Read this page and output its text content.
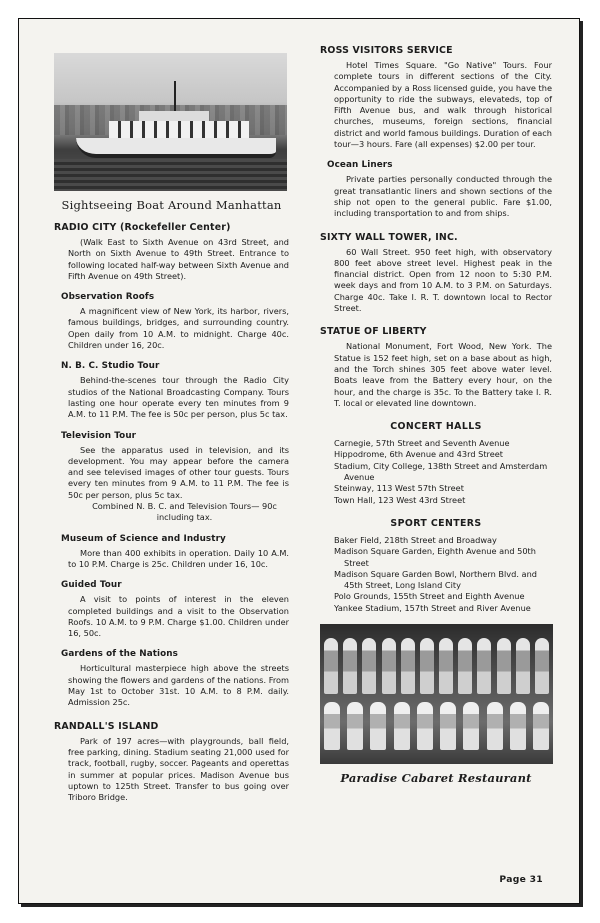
Sightseeing Boat Around Manhattan
RADIO CITY (Rockefeller Center)

(Walk East to Sixth Avenue on 43rd Street, and North on Sixth Avenue to 49th Street. Entrance to following located half-way between Sixth Avenue and Fifth Avenue on 49th Street).

Observation Roofs

A magnificent view of New York, its harbor, rivers, famous buildings, bridges, and surrounding country. Open daily from 10 A.M. to midnight. Charge 40c. Children under 16, 20c.

N. B. C. Studio Tour

Behind-the-scenes tour through the Radio City studios of the National Broadcasting Company. Tours lasting one hour operate every ten minutes from 9 A.M. to 11 P.M. The fee is 50c per person, plus 5c tax.

Television Tour

See the apparatus used in television, and its development. You may appear before the camera and see televised images of other tour guests. Tours every ten minutes from 9 A.M. to 11 P.M. The fee is 50c per person, plus 5c tax.

Combined N. B. C. and Television Tours— 90c including tax.

Museum of Science and Industry

More than 400 exhibits in operation. Daily 10 A.M. to 10 P.M. Charge is 25c. Children under 16, 10c.

Guided Tour

A visit to points of interest in the eleven completed buildings and a visit to the Observation Roofs. 10 A.M. to 9 P.M. Charge $1.00. Children under 16, 50c.

Gardens of the Nations

Horticultural masterpiece high above the streets showing the flowers and gardens of the nations. From May 1st to October 31st. 10 A.M. to 8 P.M. daily. Admission 25c.

RANDALL'S ISLAND

Park of 197 acres—with playgrounds, ball field, free parking, dining. Stadium seating 21,000 used for track, football, rugby, soccer. Pageants and operettas in summer at popular prices. Madison Avenue bus uptown to 125th Street. Transfer to bus going over Triboro Bridge.

ROSS VISITORS SERVICE

Hotel Times Square. "Go Native" Tours. Four complete tours in different sections of the City. Accompanied by a Ross licensed guide, you have the opportunity to ride the subways, elevateds, top of Fifth Avenue bus, and walk through historical churches, museums, foreign sections, financial district and world famous buildings. Duration of each tour—3 hours. Fare (all expenses) $2.00 per tour.

Ocean Liners

Private parties personally conducted through the great transatlantic liners and shown sections of the ship not open to the general public. Fare $1.00, including transportation to and from ships.

SIXTY WALL TOWER, INC.

60 Wall Street. 950 feet high, with observatory 800 feet above street level. Highest peak in the financial district. Open from 12 noon to 5:30 P.M. week days and from 10 A.M. to 3 P.M. on Saturdays. Charge 40c. Take I. R. T. downtown local to Rector Street.

STATUE OF LIBERTY

National Monument, Fort Wood, New York. The Statue is 152 feet high, set on a base about as high, and the Torch shines 305 feet above water level. Boats leave from the Battery every hour, on the hour, and the charge is 35c. To the Battery take I. R. T. local or elevated line downtown.

CONCERT HALLS
Carnegie, 57th Street and Seventh Avenue
Hippodrome, 6th Avenue and 43rd Street
Stadium, City College, 138th Street and Amsterdam Avenue
Steinway, 113 West 57th Street
Town Hall, 123 West 43rd Street
SPORT CENTERS
Baker Field, 218th Street and Broadway
Madison Square Garden, Eighth Avenue and 50th Street
Madison Square Garden Bowl, Northern Blvd. and 45th Street, Long Island City
Polo Grounds, 155th Street and Eighth Avenue
Yankee Stadium, 157th Street and River Avenue
Paradise Cabaret Restaurant
Page 31
